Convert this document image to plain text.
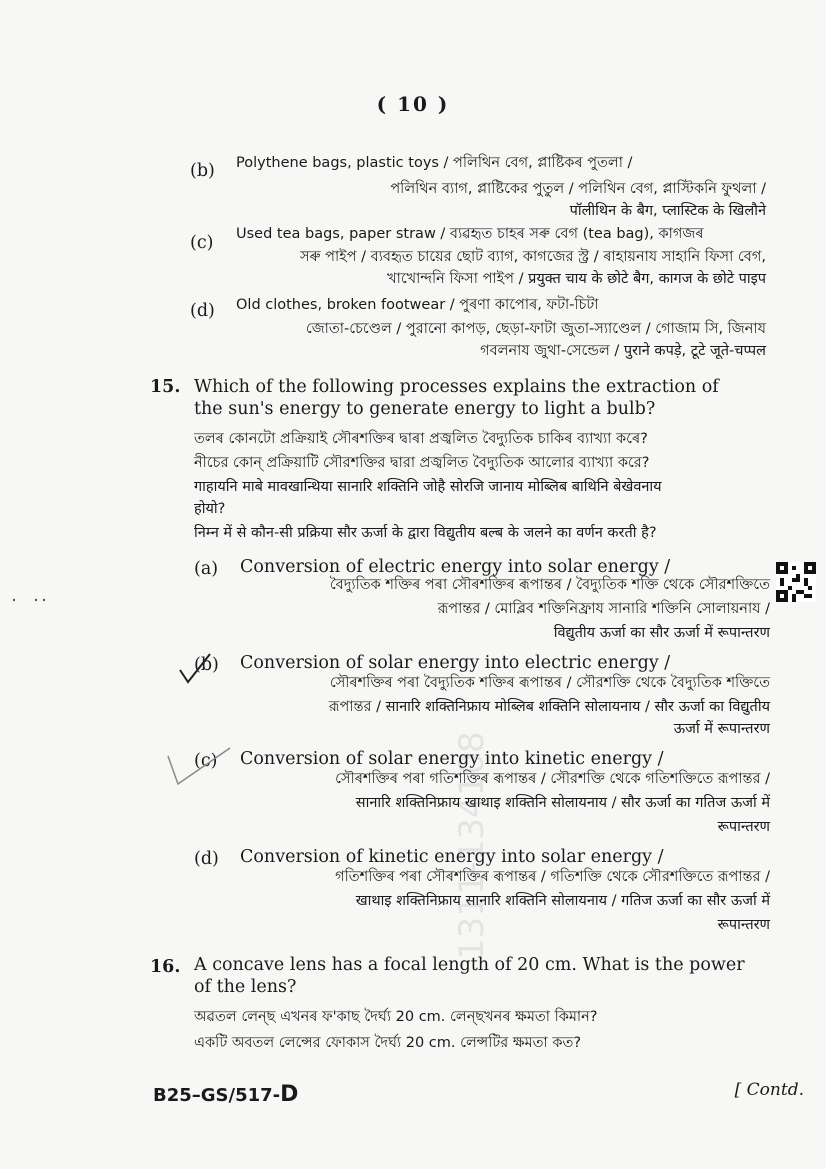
( 10 )
(b) Polythene bags, plastic toys / পলিথিন বেগ, প্লাষ্টিকৰ পুতলা /
পলিথিন ব্যাগ, প্লাষ্টিকের পুতুল / পলিথিন বেগ, প্লাস্টিকনি ফুথলা /
पॉलीथिन के बैग, प्लास्टिक के खिलौने
(c) Used tea bags, paper straw / ব্যৱহৃত চাহৰ সৰু বেগ (tea bag), কাগজৰ
সৰু পাইপ / ব্যবহৃত চায়ের ছোট ব্যাগ, কাগজের স্ট্র / ৰাহায়নায সাহানি ফিসা বেগ,
খাখোন্দনি ফিসা পাইপ / प्रयुक्त चाय के छोटे बैग, कागज के छोटे पाइप
(d) Old clothes, broken footwear / পুৰণা কাপোৰ, ফটা-চিটা
জোতা-চেণ্ডেল / পুরানো কাপড়, ছেড়া-ফাটা জুতা-স্যাণ্ডেল / গোজাম সি, জিনায
গবলনায জুথা-সেন্ডেল / पुराने कपड़े, टूटे जूते-चप्पल
15. Which of the following processes explains the extraction of
the sun's energy to generate energy to light a bulb?
তলৰ কোনটো প্ৰক্ৰিয়াই সৌৰশক্তিৰ দ্বাৰা প্ৰজ্বলিত বৈদ্যুতিক চাকিৰ ব্যাখ্যা কৰে?
নীচের কোন্ প্রক্রিয়াটি সৌরশক্তির দ্বারা প্রজ্বলিত বৈদ্যুতিক আলোর ব্যাখ্যা করে?
गाहायनि माबे मावखान्थिया सानारि शक्तिनि जोहै सोरजि जानाय मोब्लिब बाथिनि बेखेवनाय
होयो?
निम्न में से कौन-सी प्रक्रिया सौर ऊर्जा के द्वारा विद्युतीय बल्ब के जलने का वर्णन करती है?
(a) Conversion of electric energy into solar energy /
বৈদ্যুতিক শক্তিৰ পৰা সৌৰশক্তিৰ ৰূপান্তৰ / বৈদ্যুতিক শক্তি থেকে সৌরশক্তিতে
রূপান্তর / মোব্লিব শক্তিনিফ্রায সানারি শক্তিনি সোলায়নায /
विद्युतीय ऊर्जा का सौर ऊर्जा में रूपान्तरण
(b) Conversion of solar energy into electric energy /
সৌৰশক্তিৰ পৰা বৈদ্যুতিক শক্তিৰ ৰূপান্তৰ / সৌরশক্তি থেকে বৈদ্যুতিক শক্তিতে
রূপান্তর / सानारि शक्तिनिफ्राय मोब्लिब शक्तिनि सोलायनाय / सौर ऊर्जा का विद्युतीय
ऊर्जा में रूपान्तरण
(c) Conversion of solar energy into kinetic energy /
সৌৰশক্তিৰ পৰা গতিশক্তিৰ ৰূপান্তৰ / সৌরশক্তি থেকে গতিশক্তিতে রূপান্তর /
सानारि शक्तिनिफ्राय खाथाइ शक्तिनि सोलायनाय / सौर ऊर्जा का गतिज ऊर्जा में
रूपान्तरण
(d) Conversion of kinetic energy into solar energy /
গতিশক্তিৰ পৰা সৌৰশক্তিৰ ৰূপান্তৰ / গতিশক্তি থেকে সৌরশক্তিতে রূপান্তর /
खाथाइ शक्तिनिफ्राय सानारि शक्तिनि सोलायनाय / गतिज ऊर्जा का सौर ऊर्जा में
रूपान्तरण
16. A concave lens has a focal length of 20 cm. What is the power
of the lens?
অৱতল লেন্ছ এখনৰ ফ'কাছ দৈৰ্ঘ্য 20 cm. লেন্ছখনৰ ক্ষমতা কিমান?
একটি অবতল লেন্সের ফোকাস দৈর্ঘ্য 20 cm. লেন্সটির ক্ষমতা কত?
B25–GS/517-D	[ Contd.
1311-134108
